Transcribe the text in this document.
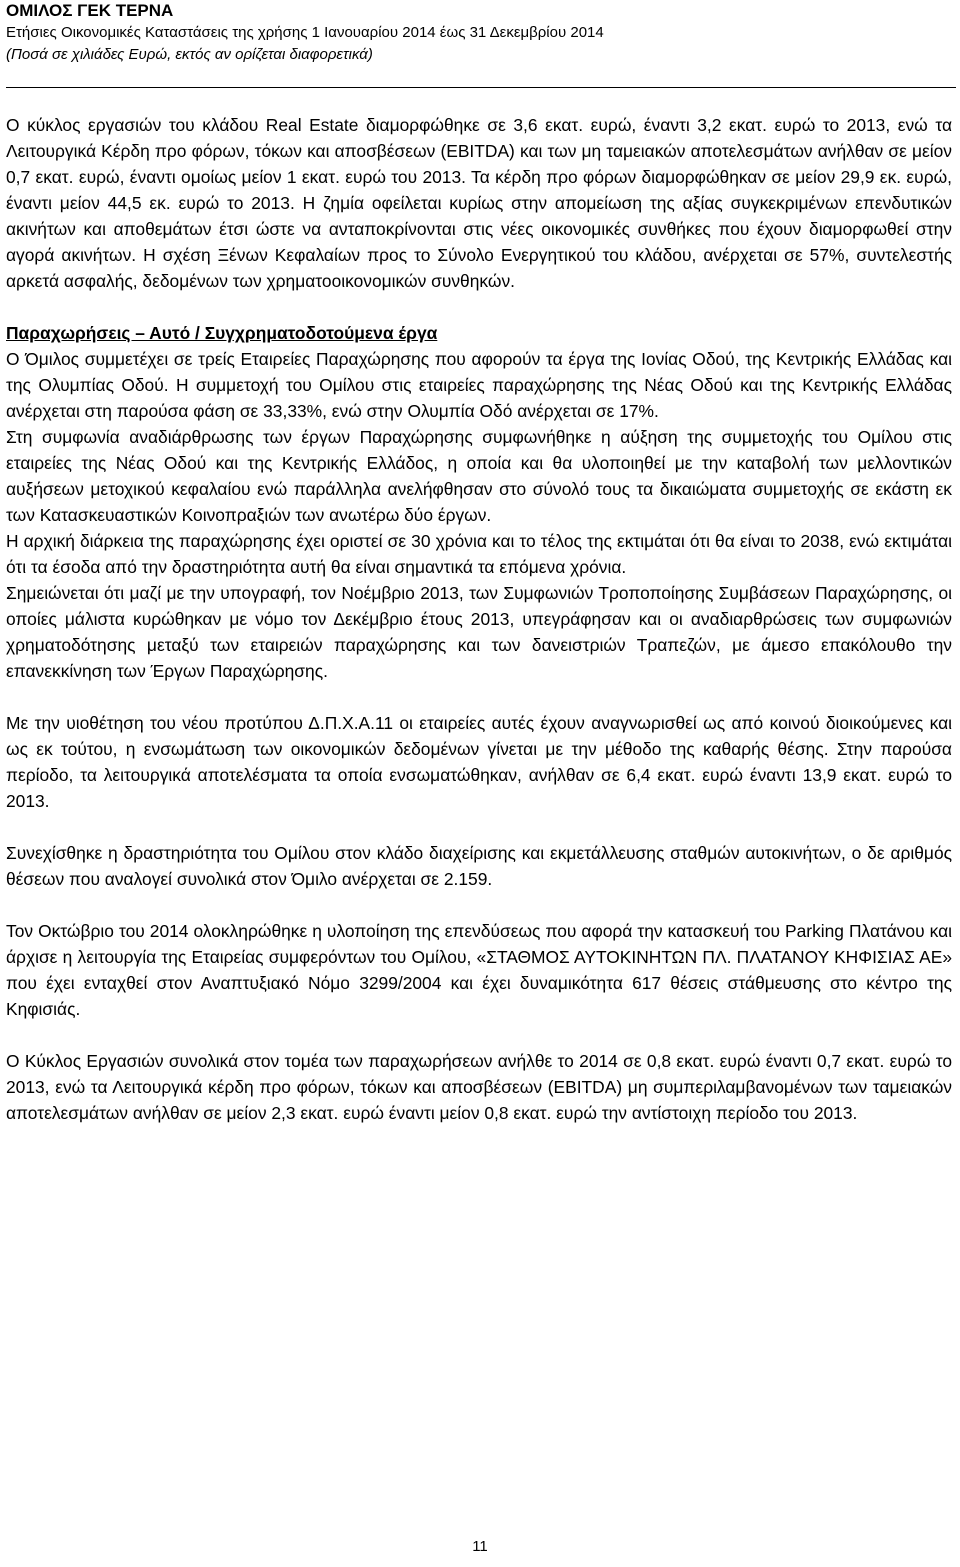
ΟΜΙΛΟΣ ΓΕΚ ΤΕΡΝΑ

Ετήσιες Οικονομικές Καταστάσεις της χρήσης 1 Ιανουαρίου 2014 έως 31 Δεκεμβρίου 2014

(Ποσά σε χιλιάδες Ευρώ, εκτός αν ορίζεται διαφορετικά)

Ο κύκλος εργασιών του κλάδου Real Estate διαμορφώθηκε σε 3,6 εκατ. ευρώ, έναντι 3,2 εκατ. ευρώ το 2013, ενώ τα Λειτουργικά Κέρδη προ φόρων, τόκων και αποσβέσεων (EBITDA) και των μη ταμειακών αποτελεσμάτων ανήλθαν σε μείον 0,7 εκατ. ευρώ, έναντι ομοίως μείον 1 εκατ. ευρώ του 2013. Τα κέρδη προ φόρων διαμορφώθηκαν σε μείον 29,9 εκ. ευρώ, έναντι μείον 44,5 εκ. ευρώ το 2013. Η ζημία οφείλεται κυρίως στην απομείωση της αξίας συγκεκριμένων επενδυτικών ακινήτων και αποθεμάτων έτσι ώστε να ανταποκρίνονται στις νέες οικονομικές συνθήκες που έχουν διαμορφωθεί στην αγορά ακινήτων. Η σχέση Ξένων Κεφαλαίων προς το Σύνολο Ενεργητικού του κλάδου, ανέρχεται σε 57%, συντελεστής αρκετά ασφαλής, δεδομένων των χρηματοοικονομικών συνθηκών.

Παραχωρήσεις – Αυτό / Συγχρηματοδοτούμενα έργα

Ο Όμιλος συμμετέχει σε τρείς Εταιρείες Παραχώρησης που αφορούν τα έργα της Ιονίας Οδού, της Κεντρικής Ελλάδας και της Ολυμπίας Οδού. Η συμμετοχή του Ομίλου στις εταιρείες παραχώρησης της Νέας Οδού και της Κεντρικής Ελλάδας ανέρχεται στη παρούσα φάση σε 33,33%, ενώ στην Ολυμπία Οδό ανέρχεται σε 17%.

Στη συμφωνία αναδιάρθρωσης των έργων Παραχώρησης συμφωνήθηκε η αύξηση της συμμετοχής του Ομίλου στις εταιρείες της Νέας Οδού και της Κεντρικής Ελλάδος, η οποία και θα υλοποιηθεί με την καταβολή των μελλοντικών αυξήσεων μετοχικού κεφαλαίου ενώ παράλληλα ανελήφθησαν στο σύνολό τους τα δικαιώματα συμμετοχής σε εκάστη εκ των Κατασκευαστικών Κοινοπραξιών των ανωτέρω δύο έργων.

Η αρχική διάρκεια της παραχώρησης έχει οριστεί σε 30 χρόνια και το τέλος της εκτιμάται ότι θα είναι το 2038, ενώ εκτιμάται ότι τα έσοδα από την δραστηριότητα αυτή θα είναι σημαντικά τα επόμενα χρόνια.

Σημειώνεται ότι μαζί με την υπογραφή, τον Νοέμβριο 2013, των Συμφωνιών Τροποποίησης Συμβάσεων Παραχώρησης, οι οποίες μάλιστα κυρώθηκαν με νόμο τον Δεκέμβριο έτους 2013, υπεγράφησαν και οι αναδιαρθρώσεις των συμφωνιών χρηματοδότησης μεταξύ των εταιρειών παραχώρησης και των δανειστριών Τραπεζών, με άμεσο επακόλουθο την επανεκκίνηση των Έργων Παραχώρησης.

Με την υιοθέτηση του νέου προτύπου Δ.Π.Χ.Α.11 οι εταιρείες αυτές έχουν αναγνωρισθεί ως από κοινού διοικούμενες και ως εκ τούτου, η ενσωμάτωση των οικονομικών δεδομένων γίνεται με την μέθοδο της καθαρής θέσης. Στην παρούσα περίοδο, τα λειτουργικά αποτελέσματα τα οποία ενσωματώθηκαν, ανήλθαν σε 6,4 εκατ. ευρώ έναντι 13,9 εκατ. ευρώ το 2013.

Συνεχίσθηκε η δραστηριότητα του Ομίλου στον κλάδο διαχείρισης και εκμετάλλευσης σταθμών αυτοκινήτων, ο δε αριθμός θέσεων που αναλογεί συνολικά στον Όμιλο ανέρχεται σε 2.159.

Τον Οκτώβριο του 2014 ολοκληρώθηκε η υλοποίηση της επενδύσεως που αφορά την κατασκευή του Parking Πλατάνου και άρχισε η λειτουργία της Εταιρείας συμφερόντων του Ομίλου, «ΣΤΑΘΜΟΣ ΑΥΤΟΚΙΝΗΤΩΝ ΠΛ. ΠΛΑΤΑΝΟΥ ΚΗΦΙΣΙΑΣ ΑΕ» που έχει ενταχθεί στον Αναπτυξιακό Νόμο 3299/2004 και έχει δυναμικότητα 617 θέσεις στάθμευσης στο κέντρο της Κηφισιάς.

Ο Κύκλος Εργασιών συνολικά στον τομέα των παραχωρήσεων ανήλθε το 2014 σε 0,8 εκατ. ευρώ έναντι 0,7 εκατ. ευρώ το 2013, ενώ τα Λειτουργικά κέρδη προ φόρων, τόκων και αποσβέσεων (EBITDA) μη συμπεριλαμβανομένων των ταμειακών αποτελεσμάτων ανήλθαν σε μείον 2,3 εκατ. ευρώ έναντι μείον 0,8 εκατ. ευρώ την αντίστοιχη περίοδο του 2013.

11
